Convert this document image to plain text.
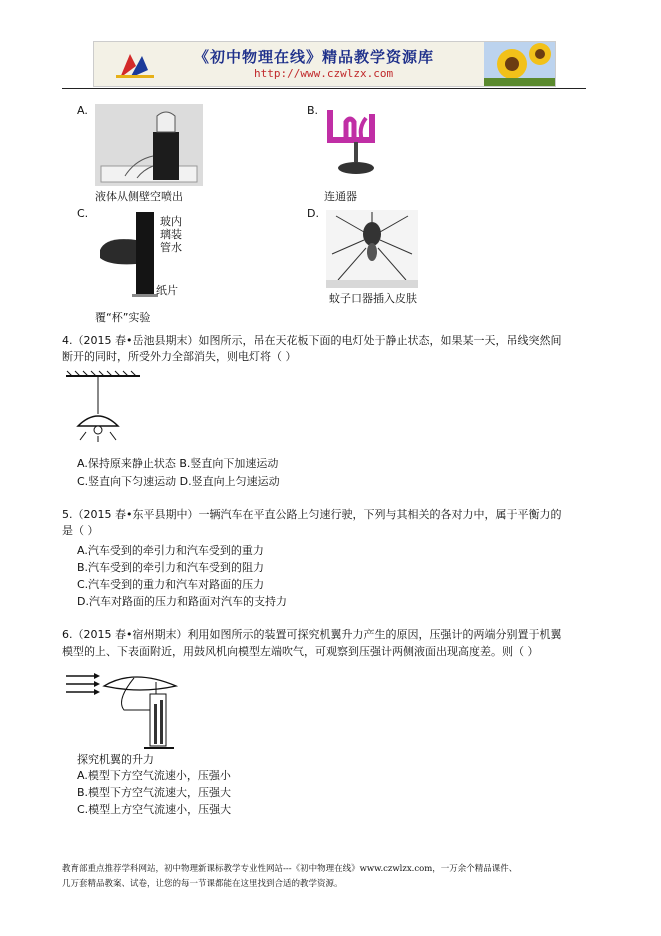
《初中物理在线》精品教学资源库
http://www.czwlzx.com
A.
液体从侧壁空喷出
B.
连通器
C.
玻内
璃装
管水
纸片
覆“杯”实验
D.
蚊子口器插入皮肤
4.（2015 春•岳池县期末）如图所示，吊在天花板下面的电灯处于静止状态，如果某一天，吊线突然间
断开的同时，所受外力全部消失，则电灯将（ ）
A.保持原来静止状态 B.竖直向下加速运动
C.竖直向下匀速运动 D.竖直向上匀速运动
5.（2015 春•东平县期中）一辆汽车在平直公路上匀速行驶，下列与其相关的各对力中，属于平衡力的
是（ ）
A.汽车受到的牵引力和汽车受到的重力
B.汽车受到的牵引力和汽车受到的阻力
C.汽车受到的重力和汽车对路面的压力
D.汽车对路面的压力和路面对汽车的支持力
6.（2015 春•宿州期末）利用如图所示的装置可探究机翼升力产生的原因，压强计的两端分别置于机翼
模型的上、下表面附近，用鼓风机向模型左端吹气，可观察到压强计两侧液面出现高度差。则（ ）
探究机翼的升力
A.模型下方空气流速小，压强小
B.模型下方空气流速大，压强大
C.模型上方空气流速小，压强大
教育部重点推荐学科网站，初中物理新课标教学专业性网站---《初中物理在线》www.czwlzx.com，一万余个精品课件、
几万套精品教案、试卷，让您的每一节课都能在这里找到合适的教学资源。
